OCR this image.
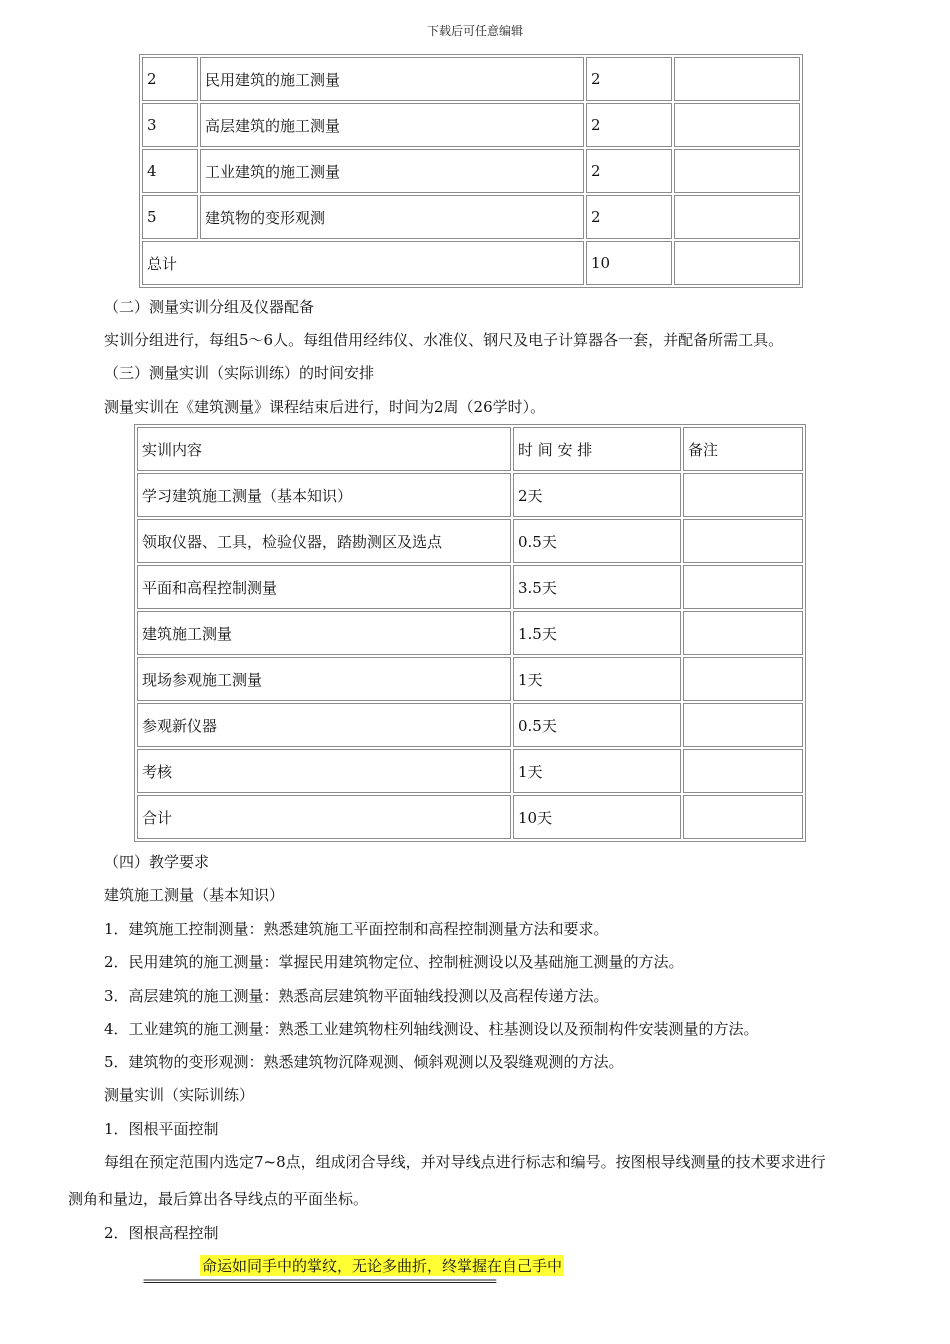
下载后可任意编辑
2	民用建筑的施工测量	2	
3	高层建筑的施工测量	2	
4	工业建筑的施工测量	2	
5	建筑物的变形观测	2	
总计		10	
（二）测量实训分组及仪器配备
实训分组进行，每组5～6人。每组借用经纬仪、水准仪、钢尺及电子计算器各一套，并配备所需工具。
（三）测量实训（实际训练）的时间安排
测量实训在《建筑测量》课程结束后进行，时间为2周（26学时）。
实训内容	时 间 安 排	备注
学习建筑施工测量（基本知识）	2天	
领取仪器、工具，检验仪器，踏勘测区及选点	0.5天	
平面和高程控制测量	3.5天	
建筑施工测量	1.5天	
现场参观施工测量	1天	
参观新仪器	0.5天	
考核	1天	
合计	10天	
（四）教学要求
建筑施工测量（基本知识）
1．建筑施工控制测量：熟悉建筑施工平面控制和高程控制测量方法和要求。
2．民用建筑的施工测量：掌握民用建筑物定位、控制桩测设以及基础施工测量的方法。
3．高层建筑的施工测量：熟悉高层建筑物平面轴线投测以及高程传递方法。
4．工业建筑的施工测量：熟悉工业建筑物柱列轴线测设、柱基测设以及预制构件安装测量的方法。
5．建筑物的变形观测：熟悉建筑物沉降观测、倾斜观测以及裂缝观测的方法。
测量实训（实际训练）
1．图根平面控制
每组在预定范围内选定7~8点，组成闭合导线，并对导线点进行标志和编号。按图根导线测量的技术要求进行
测角和量边，最后算出各导线点的平面坐标。
2．图根高程控制
命运如同手中的掌纹，无论多曲折，终掌握在自己手中
============================================================
